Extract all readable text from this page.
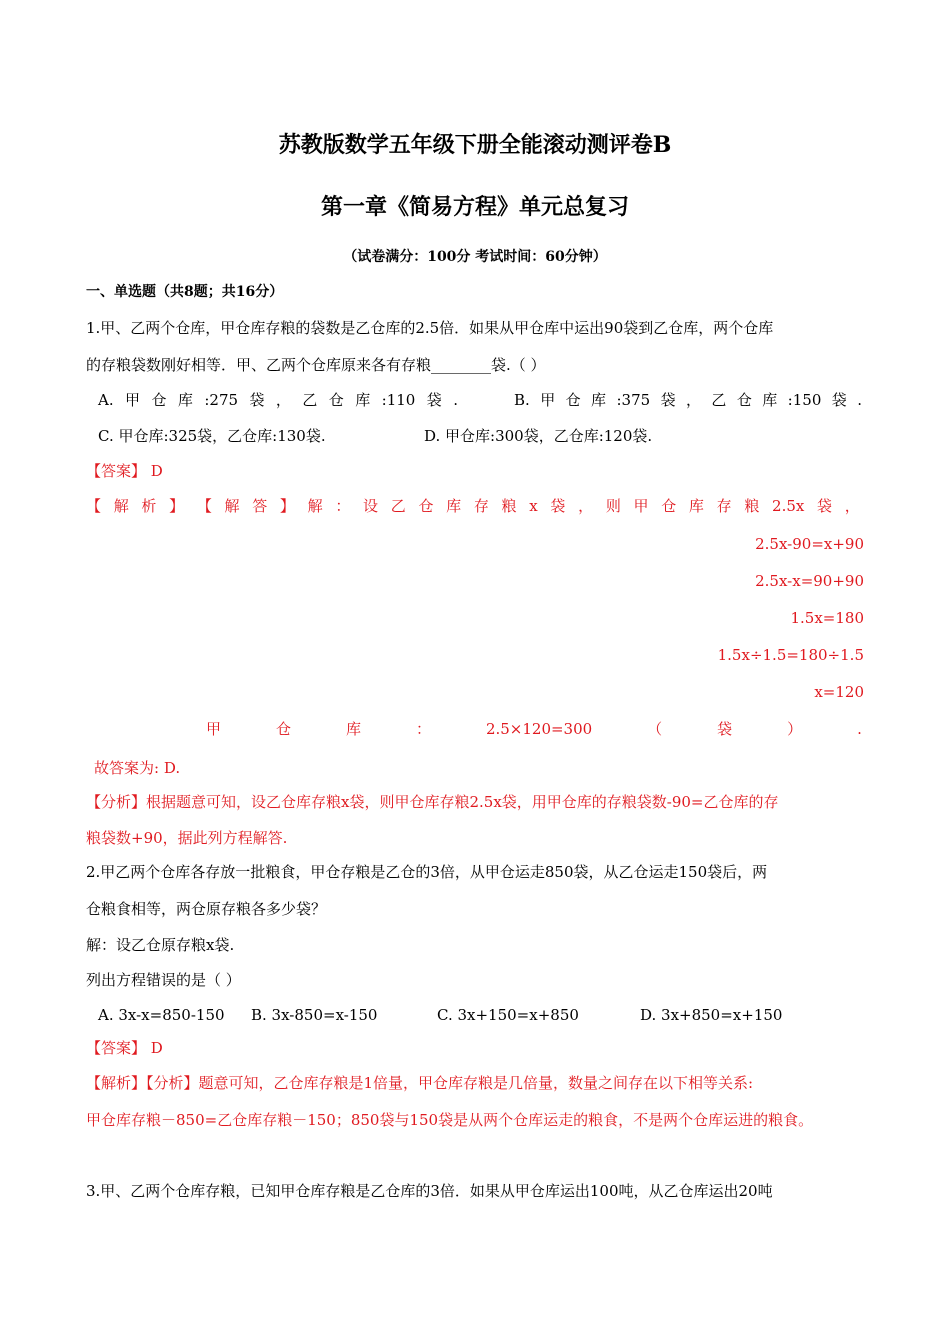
苏教版数学五年级下册全能滚动测评卷B
第一章《简易方程》单元总复习
（试卷满分：100分 考试时间：60分钟）
一、单选题（共8题；共16分）
1.甲、乙两个仓库，甲仓库存粮的袋数是乙仓库的2.5倍．如果从甲仓库中运出90袋到乙仓库，两个仓库
的存粮袋数刚好相等．甲、乙两个仓库原来各有存粮________袋.（ ）
A. 甲 仓 库 :275 袋 ， 乙 仓 库 :110 袋 .	B. 甲 仓 库 :375 袋 ， 乙 仓 库 :150 袋 .
C. 甲仓库:325袋，乙仓库:130袋.	D. 甲仓库:300袋，乙仓库:120袋.
【答案】 D
【 解 析 】 【 解 答 】 解 ： 设 乙 仓 库 存 粮 x 袋 ， 则 甲 仓 库 存 粮 2.5x 袋 ，
2.5x-90=x+90
2.5x-x=90+90
1.5x=180
1.5x÷1.5=180÷1.5
x=120
甲	仓	库	：	2.5×120=300	（	袋	）	.
故答案为: D.
【分析】根据题意可知，设乙仓库存粮x袋，则甲仓库存粮2.5x袋，用甲仓库的存粮袋数-90=乙仓库的存
粮袋数+90，据此列方程解答.
2.甲乙两个仓库各存放一批粮食，甲仓存粮是乙仓的3倍，从甲仓运走850袋，从乙仓运走150袋后，两
仓粮食相等，两仓原存粮各多少袋？
解：设乙仓原存粮x袋.
列出方程错误的是（ ）
A. 3x-x=850-150 B. 3x-850=x-150	C. 3x+150=x+850	D. 3x+850=x+150
【答案】 D
【解析】【分析】题意可知，乙仓库存粮是1倍量，甲仓库存粮是几倍量，数量之间存在以下相等关系:
甲仓库存粮－850=乙仓库存粮－150；850袋与150袋是从两个仓库运走的粮食，不是两个仓库运进的粮食。
3.甲、乙两个仓库存粮，已知甲仓库存粮是乙仓库的3倍．如果从甲仓库运出100吨，从乙仓库运出20吨
